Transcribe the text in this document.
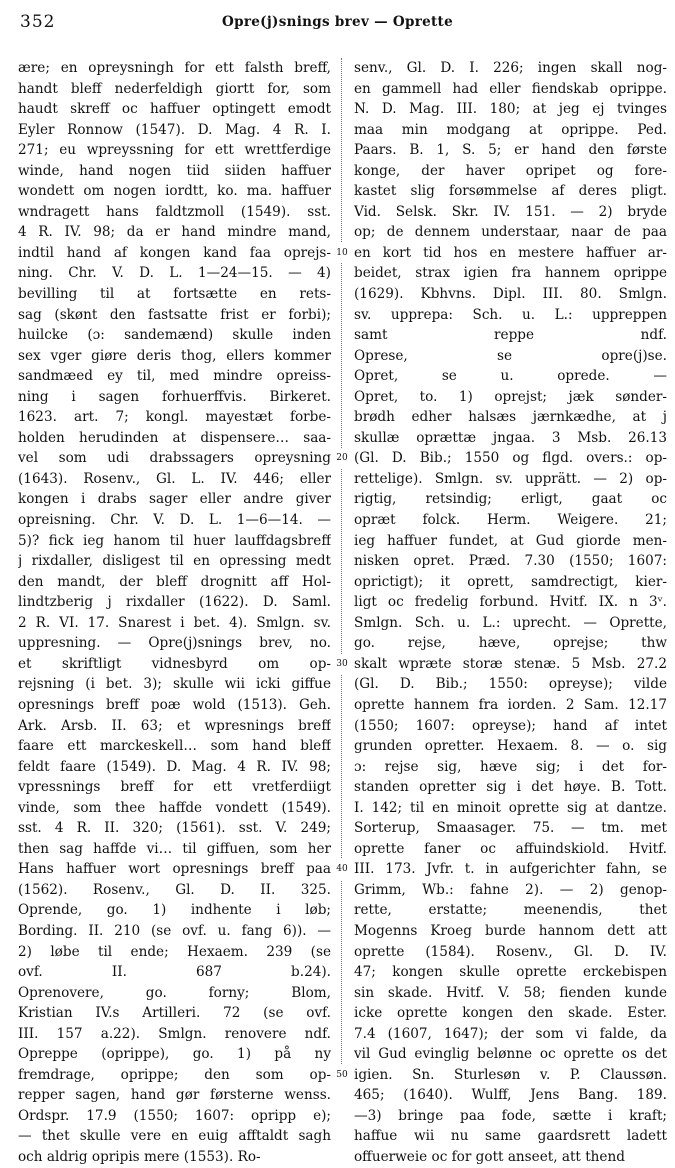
352	Opre(j)snings brev — Oprette
ære; en opreysningh for ett falsth breff,
handt bleff nederfeldigh giortt for, som
haudt skreff oc haffuer optingett emodt
Eyler Ronnow (1547). D. Mag. 4 R. I.
271; eu wpreyssning for ett wrettferdige
winde, hand nogen tiid siiden haffuer
wondett om nogen iordtt, ko. ma. haffuer
wndragett hans faldtzmoll (1549). sst.
4 R. IV. 98; da er hand mindre mand,
indtil hand af kongen kand faa oprejs-
ning. Chr. V. D. L. 1—24—15. — 4)
bevilling til at fortsætte en rets-
sag (skønt den fastsatte frist er forbi);
huilcke (ɔ: sandemænd) skulle inden
sex vger giøre deris thog, ellers kommer
sandmæed ey til, med mindre opreiss-
ning i sagen forhuerffvis. Birkeret.
1623. art. 7; kongl. mayestæt forbe-
holden herudinden at dispensere… saa-
vel som udi drabssagers opreysning
(1643). Rosenv., Gl. L. IV. 446; eller
kongen i drabs sager eller andre giver
opreisning. Chr. V. D. L. 1—6—14. —
5)? fick ieg hanom til huer lauffdagsbreff
j rixdaller, disligest til en opressing medt
den mandt, der bleff drognitt aff Hol-
lindtzberig j rixdaller (1622). D. Saml.
2 R. VI. 17. Snarest i bet. 4). Smlgn. sv.
uppresning. — Opre(j)snings brev, no.
et skriftligt vidnesbyrd om op-
rejsning (i bet. 3); skulle wii icki giffue
opresnings breff poæ wold (1513). Geh.
Ark. Arsb. II. 63; et wpresnings breff
faare ett marckeskell… som hand bleff
feldt faare (1549). D. Mag. 4 R. IV. 98;
vpressnings breff for ett vretferdiigt
vinde, som thee haffde vondett (1549).
sst. 4 R. II. 320; (1561). sst. V. 249;
then sag haffde vi… til giffuen, som her
Hans haffuer wort opresnings breff paa
(1562). Rosenv., Gl. D. II. 325.
Oprende, go. 1) indhente i løb;
Bording. II. 210 (se ovf. u. fang 6)). —
2) løbe til ende; Hexaem. 239 (se
ovf. II. 687 b.24).
Oprenovere, go. forny; Blom,
Kristian IV.s Artilleri. 72 (se ovf.
III. 157 a.22). Smlgn. renovere ndf.
Opreppe (oprippe), go. 1) på ny
fremdrage, oprippe; den som op-
repper sagen, hand gør førsterne wenss.
Ordspr. 17.9 (1550; 1607: opripp e);
— thet skulle vere en euig afftaldt sagh
och aldrig opripis mere (1553). Ro-
10
20
30
40
50
senv., Gl. D. I. 226; ingen skall nog-
en gammell had eller fiendskab oprippe.
N. D. Mag. III. 180; at jeg ej tvinges
maa min modgang at oprippe. Ped.
Paars. B. 1, S. 5; er hand den første
konge, der haver opripet og fore-
kastet slig forsømmelse af deres pligt.
Vid. Selsk. Skr. IV. 151. — 2) bryde
op; de dennem understaar, naar de paa
en kort tid hos en mestere haffuer ar-
beidet, strax igien fra hannem oprippe
(1629). Kbhvns. Dipl. III. 80. Smlgn.
sv. upprepa: Sch. u. L.: uppreppen
samt reppe ndf.
Oprese, se opre(j)se.
Opret, se u. oprede. —
Opret, to. 1) oprejst; jæk sønder-
brødh edher halsæs jærnkædhe, at j
skullæ oprættæ jngaa. 3 Msb. 26.13
(Gl. D. Bib.; 1550 og flgd. overs.: op-
rettelige). Smlgn. sv. upprätt. — 2) op-
rigtig, retsindig; erligt, gaat oc
opræt folck. Herm. Weigere. 21;
ieg haffuer fundet, at Gud giorde men-
nisken opret. Præd. 7.30 (1550; 1607:
oprictigt); it oprett, samdrectigt, kier-
ligt oc fredelig forbund. Hvitf. IX. n 3ᵛ.
Smlgn. Sch. u. L.: uprecht. — Oprette,
go. rejse, hæve, oprejse; thw
skalt wpræte storæ stenæ. 5 Msb. 27.2
(Gl. D. Bib.; 1550: opreyse); vilde
oprette hannem fra iorden. 2 Sam. 12.17
(1550; 1607: opreyse); hand af intet
grunden opretter. Hexaem. 8. — o. sig
ɔ: rejse sig, hæve sig; i det for-
standen opretter sig i det høye. B. Tott.
I. 142; til en minoit oprette sig at dantze.
Sorterup, Smaasager. 75. — tm. met
oprette faner oc affuindskiold. Hvitf.
III. 173. Jvfr. t. in aufgerichter fahn, se
Grimm, Wb.: fahne 2). — 2) genop-
rette, erstatte; meenendis, thet
Mogenns Kroeg burde hannom dett att
oprette (1584). Rosenv., Gl. D. IV.
47; kongen skulle oprette erckebispen
sin skade. Hvitf. V. 58; fienden kunde
icke oprette kongen den skade. Ester.
7.4 (1607, 1647); der som vi falde, da
vil Gud evinglig belønne oc oprette os det
igien. Sn. Sturlesøn v. P. Claussøn.
465; (1640). Wulff, Jens Bang. 189.
—3) bringe paa fode, sætte i kraft;
haffue wii nu same gaardsrett ladett
offuerweie oc for gott anseet, att thend
